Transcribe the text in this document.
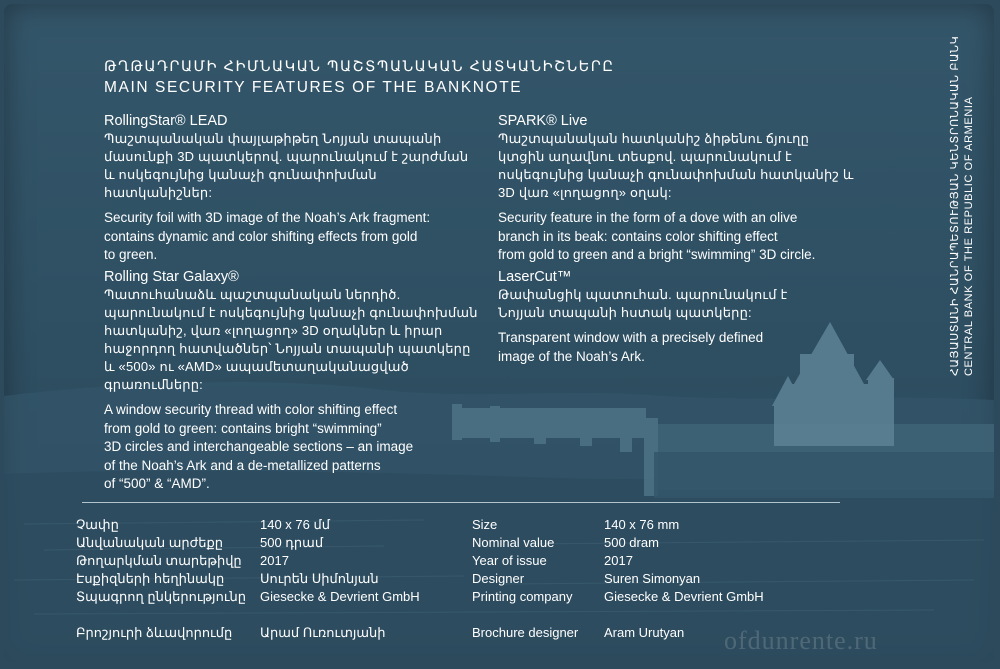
ԹՂԹԱԴՐԱՄԻ ՀԻՄՆԱԿԱՆ ՊԱՇՏՊԱՆԱԿԱՆ ՀԱՏԿԱՆԻՇՆԵՐԸ
MAIN SECURITY FEATURES OF THE BANKNOTE
RollingStar® LEAD
Պաշտպանական փայլաթիթեղ Նոյյան տապանի
մասունքի 3D պատկերով. պարունակում է շարժման
և ոսկեգույնից կանաչի գունափոխման
հատկանիշներ:
Security foil with 3D image of the Noah’s Ark fragment:
contains dynamic and color shifting effects from gold
to green.
Rolling Star Galaxy®
Պատուհանաձև պաշտպանական ներդիծ.
պարունակում է ոսկեգույնից կանաչի գունափոխման
հատկանիշ, վառ «լողացող» 3D օղակներ և իրար
հաջորդող հատվածներ՝ Նոյյան տապանի պատկերը
և «500» ու «AMD» ապամետաղականացված
գրառումները:
A window security thread with color shifting effect
from gold to green: contains bright “swimming”
3D circles and interchangeable sections – an image
of the Noah’s Ark and a de-metallized patterns
of “500” & “AMD”.
SPARK® Live
Պաշտպանական հատկանիշ ձիթենու ճյուղը
կտցին աղավնու տեսքով. պարունակում է
ոսկեգույնից կանաչի գունափոխման հատկանիշ և
3D վառ «լողացող» օղակ:
Security feature in the form of a dove with an olive
branch in its beak: contains color shifting effect
from gold to green and a bright “swimming” 3D circle.
LaserCut™
Թափանցիկ պատուհան. պարունակում է
Նոյյան տապանի հստակ պատկերը:
Transparent window with a precisely defined
image of the Noah’s Ark.	ՀԱՅԱՍՏԱՆԻ ՀԱՆՐԱՊԵՏՈՒԹՅԱՆ ԿԵՆՏՐՈՆԱԿԱՆ ԲԱՆԿ CENTRAL BANK OF THE REPUBLIC OF ARMENIA
Չափը
Անվանական արժեքը
Թողարկման տարեթիվը
Էսքիզների հեղինակը
Տպագրող ընկերությունը
140 x 76 մմ
500 դրամ
2017
Սուրեն Սիմոնյան
Giesecke & Devrient GmbH
Size
Nominal value
Year of issue
Designer
Printing company
140 x 76 mm
500 dram
2017
Suren Simonyan
Giesecke & Devrient GmbH
Բրոշյուրի ձևավորումը Արամ Ուռուտյանի	Brochure designer Aram Urutyan ofdunrente.ru
